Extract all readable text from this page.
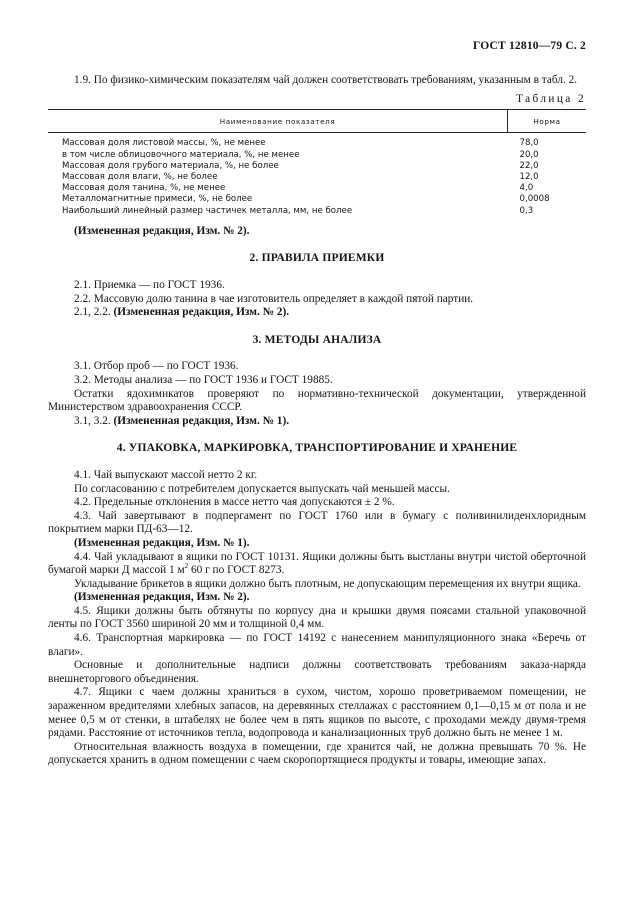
ГОСТ 12810—79 С. 2

1.9. По физико-химическим показателям чай должен соответствовать требованиям, указанным в табл. 2.

Таблица 2

Наименование показателя	Норма
Массовая доля листовой массы, %, не менее	78,0
в том числе облицовочного материала, %, не менее	20,0
Массовая доля грубого материала, %, не более	22,0
Массовая доля влаги, %, не более	12,0
Массовая доля танина, %, не менее	4,0
Металломагнитные примеси, %, не более	0,0008
Наибольший линейный размер частичек металла, мм, не более	0,3

(Измененная редакция, Изм. № 2).

2. ПРАВИЛА ПРИЕМКИ

2.1. Приемка — по ГОСТ 1936.

2.2. Массовую долю танина в чае изготовитель определяет в каждой пятой партии.

2.1, 2.2. (Измененная редакция, Изм. № 2).

3. МЕТОДЫ АНАЛИЗА

3.1. Отбор проб — по ГОСТ 1936.

3.2. Методы анализа — по ГОСТ 1936 и ГОСТ 19885.

Остатки ядохимикатов проверяют по нормативно-технической документации, утвержденной Министерством здравоохранения СССР.

3.1, 3.2. (Измененная редакция, Изм. № 1).

4. УПАКОВКА, МАРКИРОВКА, ТРАНСПОРТИРОВАНИЕ И ХРАНЕНИЕ

4.1. Чай выпускают массой нетто 2 кг.

По согласованию с потребителем допускается выпускать чай меньшей массы.

4.2. Предельные отклонения в массе нетто чая допускаются ± 2 %.

4.3. Чай завертывают в подпергамент по ГОСТ 1760 или в бумагу с поливинилиденхлоридным покрытием марки ПД-63—12.

(Измененная редакция, Изм. № 1).

4.4. Чай укладывают в ящики по ГОСТ 10131. Ящики должны быть выстланы внутри чистой оберточной бумагой марки Д массой 1 $м^2$ 60 г по ГОСТ 8273.

Укладывание брикетов в ящики должно быть плотным, не допускающим перемещения их внутри ящика.

(Измененная редакция, Изм. № 2).

4.5. Ящики должны быть обтянуты по корпусу дна и крышки двумя поясами стальной упаковочной ленты по ГОСТ 3560 шириной 20 мм и толщиной 0,4 мм.

4.6. Транспортная маркировка — по ГОСТ 14192 с нанесением манипуляционного знака «Беречь от влаги».

Основные и дополнительные надписи должны соответствовать требованиям заказа-наряда внешнеторгового объединения.

4.7. Ящики с чаем должны храниться в сухом, чистом, хорошо проветриваемом помещении, не зараженном вредителями хлебных запасов, на деревянных стеллажах с расстоянием 0,1—0,15 м от пола и не менее 0,5 м от стенки, в штабелях не более чем в пять ящиков по высоте, с проходами между двумя-тремя рядами. Расстояние от источников тепла, водопровода и канализационных труб должно быть не менее 1 м.

Относительная влажность воздуха в помещении, где хранится чай, не должна превышать 70 %. Не допускается хранить в одном помещении с чаем скоропортящиеся продукты и товары, имеющие запах.
